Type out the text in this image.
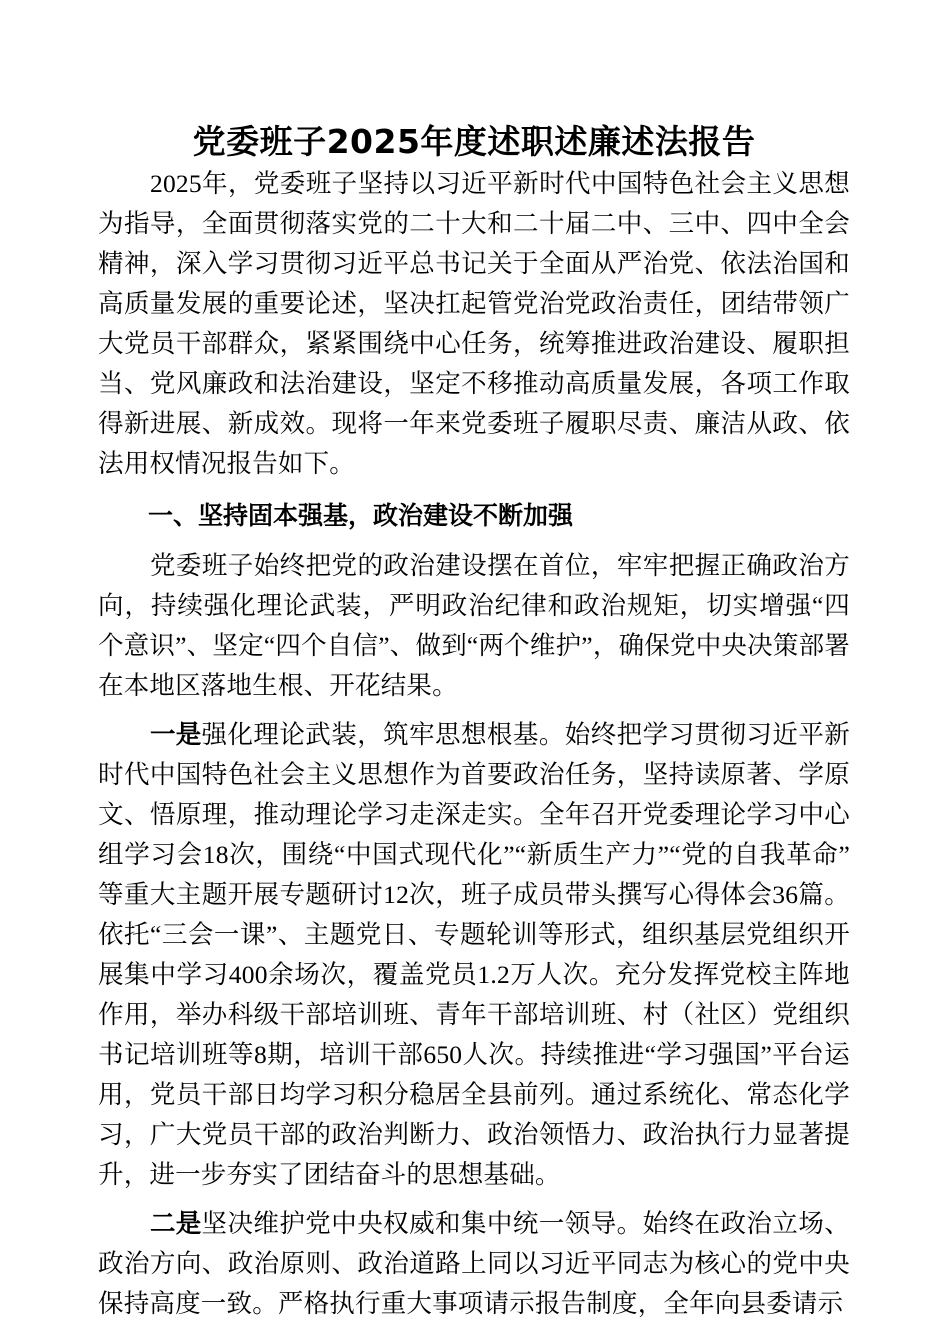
党委班子2025年度述职述廉述法报告

2025年，党委班子坚持以习近平新时代中国特色社会主义思想为指导，全面贯彻落实党的二十大和二十届二中、三中、四中全会精神，深入学习贯彻习近平总书记关于全面从严治党、依法治国和高质量发展的重要论述，坚决扛起管党治党政治责任，团结带领广大党员干部群众，紧紧围绕中心任务，统筹推进政治建设、履职担当、党风廉政和法治建设，坚定不移推动高质量发展，各项工作取得新进展、新成效。现将一年来党委班子履职尽责、廉洁从政、依法用权情况报告如下。

一、坚持固本强基，政治建设不断加强

党委班子始终把党的政治建设摆在首位，牢牢把握正确政治方向，持续强化理论武装，严明政治纪律和政治规矩，切实增强“四个意识”、坚定“四个自信”、做到“两个维护”，确保党中央决策部署在本地区落地生根、开花结果。

一是强化理论武装，筑牢思想根基。始终把学习贯彻习近平新时代中国特色社会主义思想作为首要政治任务，坚持读原著、学原文、悟原理，推动理论学习走深走实。全年召开党委理论学习中心组学习会18次，围绕“中国式现代化”“新质生产力”“党的自我革命”等重大主题开展专题研讨12次，班子成员带头撰写心得体会36篇。依托“三会一课”、主题党日、专题轮训等形式，组织基层党组织开展集中学习400余场次，覆盖党员1.2万人次。充分发挥党校主阵地作用，举办科级干部培训班、青年干部培训班、村（社区）党组织书记培训班等8期，培训干部650人次。持续推进“学习强国”平台运用，党员干部日均学习积分稳居全县前列。通过系统化、常态化学习，广大党员干部的政治判断力、政治领悟力、政治执行力显著提升，进一步夯实了团结奋斗的思想基础。

二是坚决维护党中央权威和集中统一领导。始终在政治立场、政治方向、政治原则、政治道路上同以习近平同志为核心的党中央保持高度一致。严格执行重大事项请示报告制度，全年向县委请示
